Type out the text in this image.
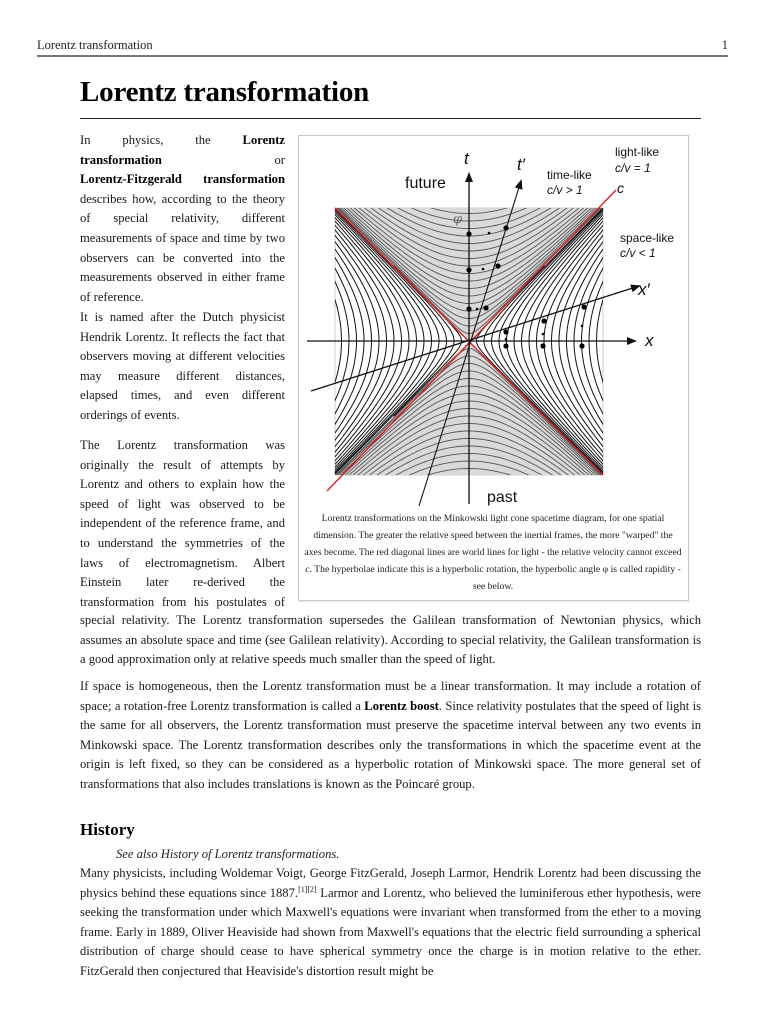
Lorentz transformation	1
Lorentz transformation
In	physics,	the	Lorentz
transformation	or
Lorentz-Fitzgerald transformation

describes how, according to the theory of special relativity, different measurements of space and time by two observers can be converted into the measurements observed in either frame of reference.

It is named after the Dutch physicist Hendrik Lorentz. It reflects the fact that observers moving at different velocities may measure different distances, elapsed times, and even different orderings of events.

The Lorentz transformation was originally the result of attempts by Lorentz and others to explain how the speed of light was observed to be independent of the reference frame, and to understand the symmetries of the laws of electromagnetism. Albert Einstein later re-derived the transformation from his postulates of

t	t′
future	time-like
c/v > 1
light-like
c/v = 1
c
space-like
c/v < 1
x′
x
past
φ
Lorentz transformations on the Minkowski light cone spacetime diagram, for one spatial dimension. The greater the relative speed between the inertial frames, the more "warped" the axes become. The red diagonal lines are world lines for light - the relative velocity cannot exceed c. The hyperbolae indicate this is a hyperbolic rotation, the hyperbolic angle φ is called rapidity - see below.

special relativity. The Lorentz transformation supersedes the Galilean transformation of Newtonian physics, which assumes an absolute space and time (see Galilean relativity). According to special relativity, the Galilean transformation is a good approximation only at relative speeds much smaller than the speed of light.

If space is homogeneous, then the Lorentz transformation must be a linear transformation. It may include a rotation of space; a rotation-free Lorentz transformation is called a Lorentz boost. Since relativity postulates that the speed of light is the same for all observers, the Lorentz transformation must preserve the spacetime interval between any two events in Minkowski space. The Lorentz transformation describes only the transformations in which the spacetime event at the origin is left fixed, so they can be considered as a hyperbolic rotation of Minkowski space. The more general set of transformations that also includes translations is known as the Poincaré group.

History
See also History of Lorentz transformations.

Many physicists, including Woldemar Voigt, George FitzGerald, Joseph Larmor, Hendrik Lorentz had been discussing the physics behind these equations since 1887.[1][2] Larmor and Lorentz, who believed the luminiferous ether hypothesis, were seeking the transformation under which Maxwell's equations were invariant when transformed from the ether to a moving frame. Early in 1889, Oliver Heaviside had shown from Maxwell's equations that the electric field surrounding a spherical distribution of charge should cease to have spherical symmetry once the charge is in motion relative to the ether. FitzGerald then conjectured that Heaviside's distortion result might be
